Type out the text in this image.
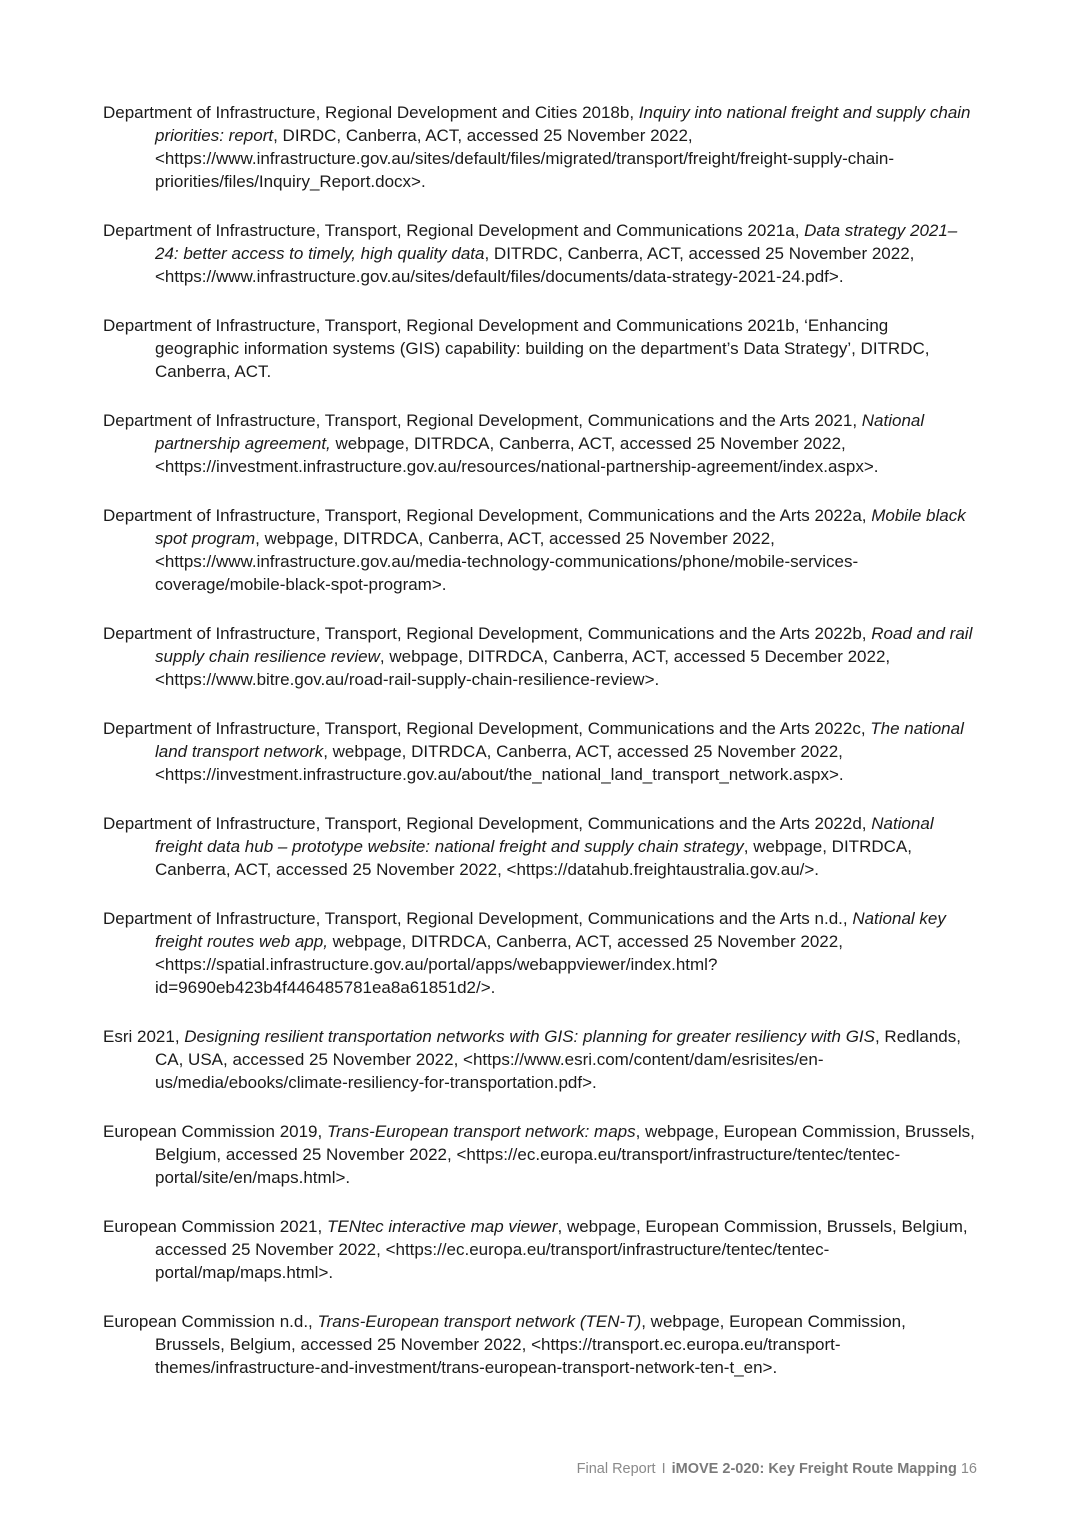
Department of Infrastructure, Regional Development and Cities 2018b, Inquiry into national freight and supply chain priorities: report, DIRDC, Canberra, ACT, accessed 25 November 2022, <https://www.infrastructure.gov.au/sites/default/files/migrated/transport/freight/freight-supply-chain-priorities/files/Inquiry_Report.docx>.

Department of Infrastructure, Transport, Regional Development and Communications 2021a, Data strategy 2021–24: better access to timely, high quality data, DITRDC, Canberra, ACT, accessed 25 November 2022, <https://www.infrastructure.gov.au/sites/default/files/documents/data-strategy-2021-24.pdf>.

Department of Infrastructure, Transport, Regional Development and Communications 2021b, ‘Enhancing geographic information systems (GIS) capability: building on the department’s Data Strategy’, DITRDC, Canberra, ACT.

Department of Infrastructure, Transport, Regional Development, Communications and the Arts 2021, National partnership agreement, webpage, DITRDCA, Canberra, ACT, accessed 25 November 2022, <https://investment.infrastructure.gov.au/resources/national-partnership-agreement/index.aspx>.

Department of Infrastructure, Transport, Regional Development, Communications and the Arts 2022a, Mobile black spot program, webpage, DITRDCA, Canberra, ACT, accessed 25 November 2022, <https://www.infrastructure.gov.au/media-technology-communications/phone/mobile-services-coverage/mobile-black-spot-program>.

Department of Infrastructure, Transport, Regional Development, Communications and the Arts 2022b, Road and rail supply chain resilience review, webpage, DITRDCA, Canberra, ACT, accessed 5 December 2022, <https://www.bitre.gov.au/road-rail-supply-chain-resilience-review>.

Department of Infrastructure, Transport, Regional Development, Communications and the Arts 2022c, The national land transport network, webpage, DITRDCA, Canberra, ACT, accessed 25 November 2022, <https://investment.infrastructure.gov.au/about/the_national_land_transport_network.aspx>.

Department of Infrastructure, Transport, Regional Development, Communications and the Arts 2022d, National freight data hub – prototype website: national freight and supply chain strategy, webpage, DITRDCA, Canberra, ACT, accessed 25 November 2022, <https://datahub.freightaustralia.gov.au/>.

Department of Infrastructure, Transport, Regional Development, Communications and the Arts n.d., National key freight routes web app, webpage, DITRDCA, Canberra, ACT, accessed 25 November 2022, <https://spatial.infrastructure.gov.au/portal/apps/webappviewer/index.html?id=9690eb423b4f446485781ea8a61851d2/>.

Esri 2021, Designing resilient transportation networks with GIS: planning for greater resiliency with GIS, Redlands, CA, USA, accessed 25 November 2022, <https://www.esri.com/content/dam/esrisites/en-us/media/ebooks/climate-resiliency-for-transportation.pdf>.

European Commission 2019, Trans-European transport network: maps, webpage, European Commission, Brussels, Belgium, accessed 25 November 2022, <https://ec.europa.eu/transport/infrastructure/tentec/tentec-portal/site/en/maps.html>.

European Commission 2021, TENtec interactive map viewer, webpage, European Commission, Brussels, Belgium, accessed 25 November 2022, <https://ec.europa.eu/transport/infrastructure/tentec/tentec-portal/map/maps.html>.

European Commission n.d., Trans-European transport network (TEN-T), webpage, European Commission, Brussels, Belgium, accessed 25 November 2022, <https://transport.ec.europa.eu/transport-themes/infrastructure-and-investment/trans-european-transport-network-ten-t_en>.

Final Report I iMOVE 2-020: Key Freight Route Mapping 16
